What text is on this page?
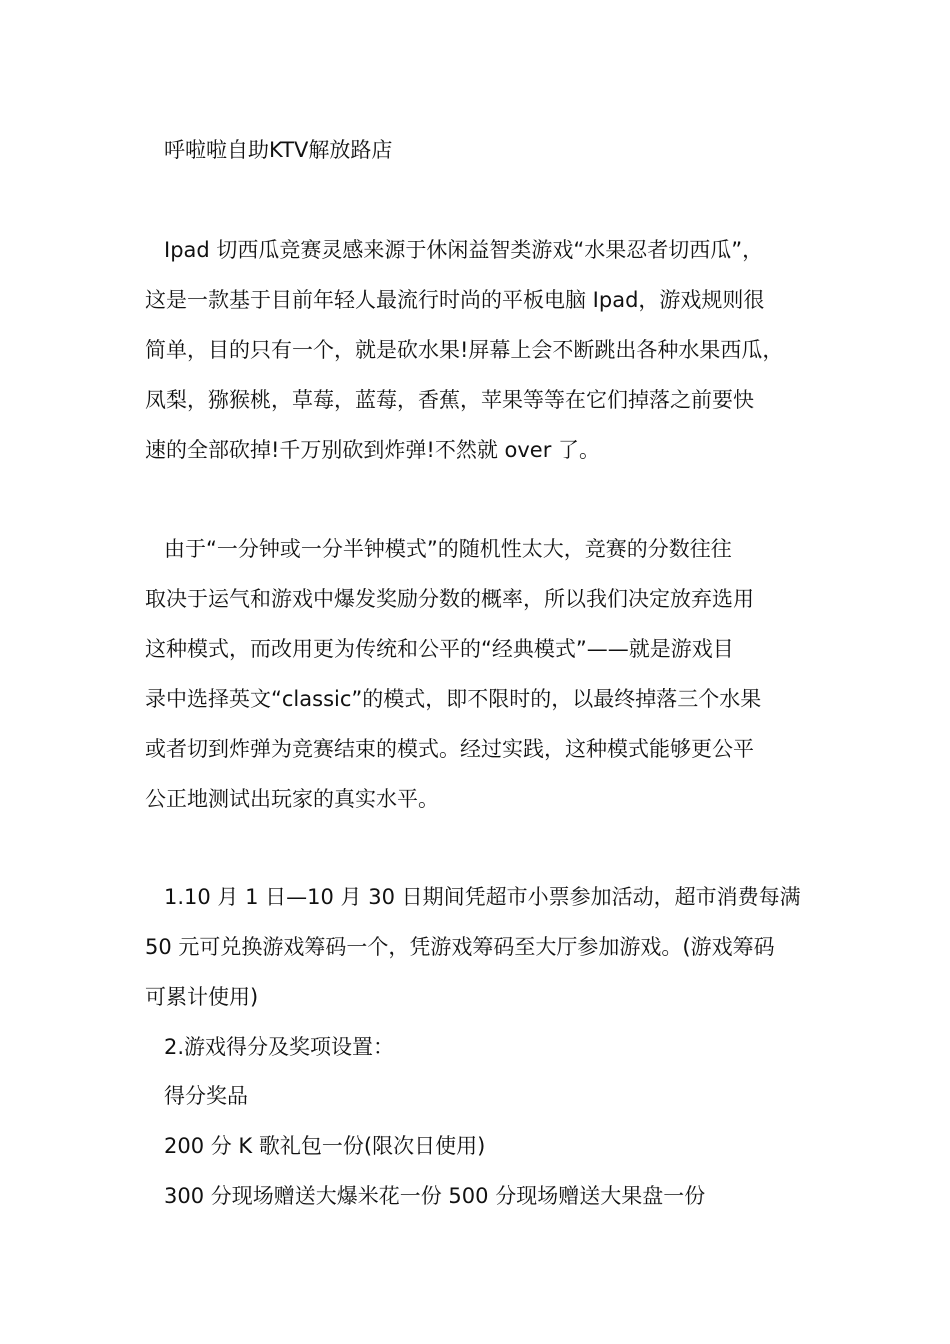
呼啦啦自助KTV解放路店
Ipad 切西瓜竞赛灵感来源于休闲益智类游戏“水果忍者切西瓜”，
这是一款基于目前年轻人最流行时尚的平板电脑 Ipad，游戏规则很
简单，目的只有一个，就是砍水果!屏幕上会不断跳出各种水果西瓜，
凤梨，猕猴桃，草莓，蓝莓，香蕉，苹果等等在它们掉落之前要快
速的全部砍掉!千万别砍到炸弹!不然就 over 了。
由于“一分钟或一分半钟模式”的随机性太大，竞赛的分数往往
取决于运气和游戏中爆发奖励分数的概率，所以我们决定放弃选用
这种模式，而改用更为传统和公平的“经典模式”——就是游戏目
录中选择英文“classic”的模式，即不限时的，以最终掉落三个水果
或者切到炸弹为竞赛结束的模式。经过实践，这种模式能够更公平
公正地测试出玩家的真实水平。
1.10 月 1 日—10 月 30 日期间凭超市小票参加活动，超市消费每满
50 元可兑换游戏筹码一个，凭游戏筹码至大厅参加游戏。(游戏筹码
可累计使用)
2.游戏得分及奖项设置：
得分奖品
200 分 K 歌礼包一份(限次日使用)
300 分现场赠送大爆米花一份 500 分现场赠送大果盘一份
